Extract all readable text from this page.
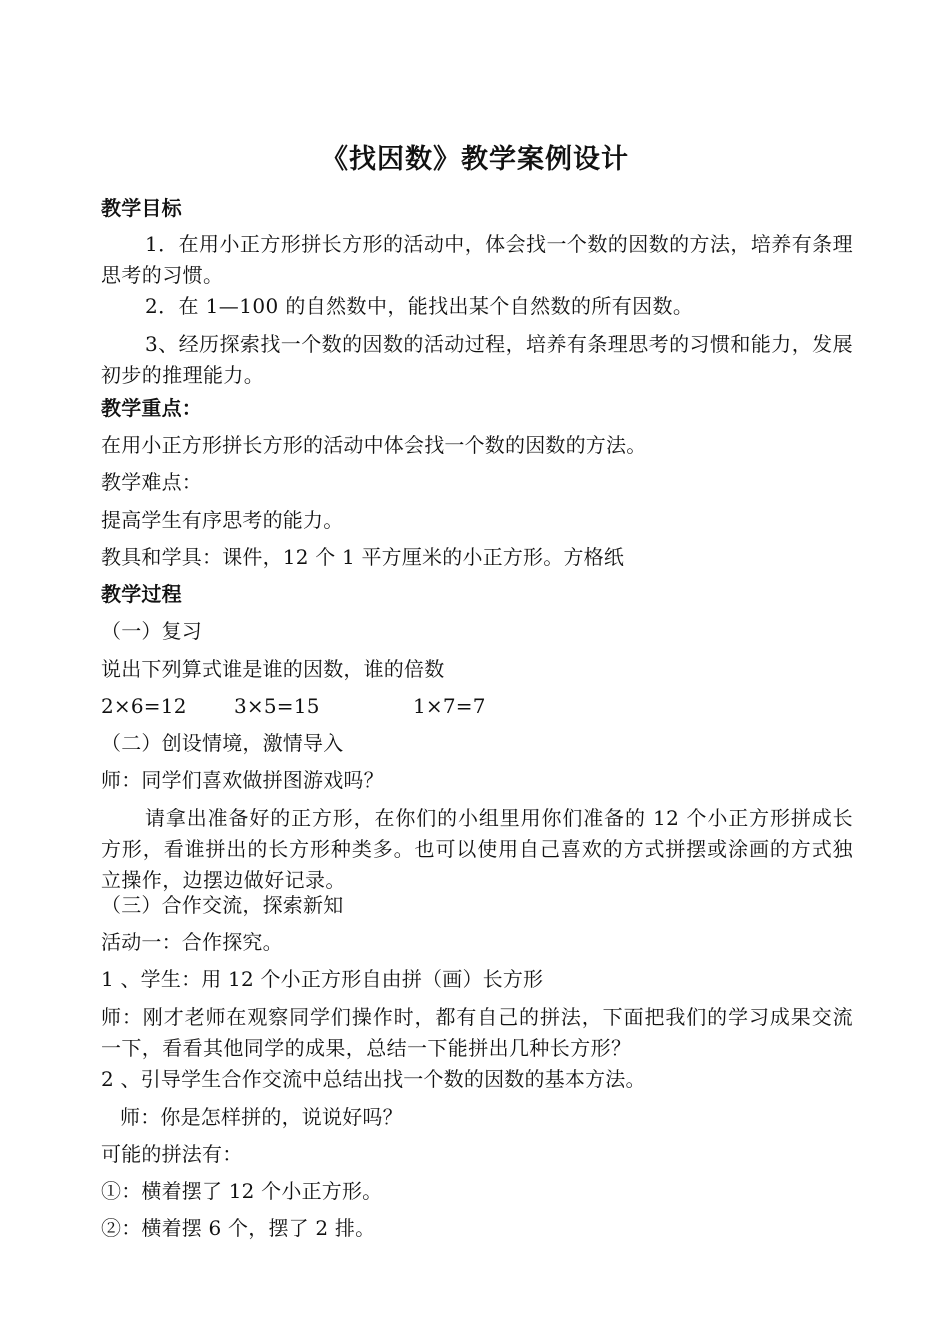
《找因数》教学案例设计
教学目标
1．在用小正方形拼长方形的活动中，体会找一个数的因数的方法，培养有条理思考的习惯。
2．在 1—100 的自然数中，能找出某个自然数的所有因数。
3、经历探索找一个数的因数的活动过程，培养有条理思考的习惯和能力，发展初步的推理能力。
教学重点：
在用小正方形拼长方形的活动中体会找一个数的因数的方法。
教学难点：
提高学生有序思考的能力。
教具和学具：课件，12 个 1 平方厘米的小正方形。方格纸
教学过程
（一）复习
说出下列算式谁是谁的因数，谁的倍数
2×6=12 3×5=15	1×7=7
（二）创设情境，激情导入
师：同学们喜欢做拼图游戏吗？
请拿出准备好的正方形，在你们的小组里用你们准备的 12 个小正方形拼成长方形，看谁拼出的长方形种类多。也可以使用自己喜欢的方式拼摆或涂画的方式独立操作，边摆边做好记录。
（三）合作交流，探索新知
活动一：合作探究。
1 、学生：用 12 个小正方形自由拼（画）长方形
师：刚才老师在观察同学们操作时，都有自己的拼法，下面把我们的学习成果交流一下，看看其他同学的成果，总结一下能拼出几种长方形？
2 、引导学生合作交流中总结出找一个数的因数的基本方法。
师：你是怎样拼的，说说好吗？
可能的拼法有：
①：横着摆了 12 个小正方形。
②：横着摆 6 个，摆了 2 排。
